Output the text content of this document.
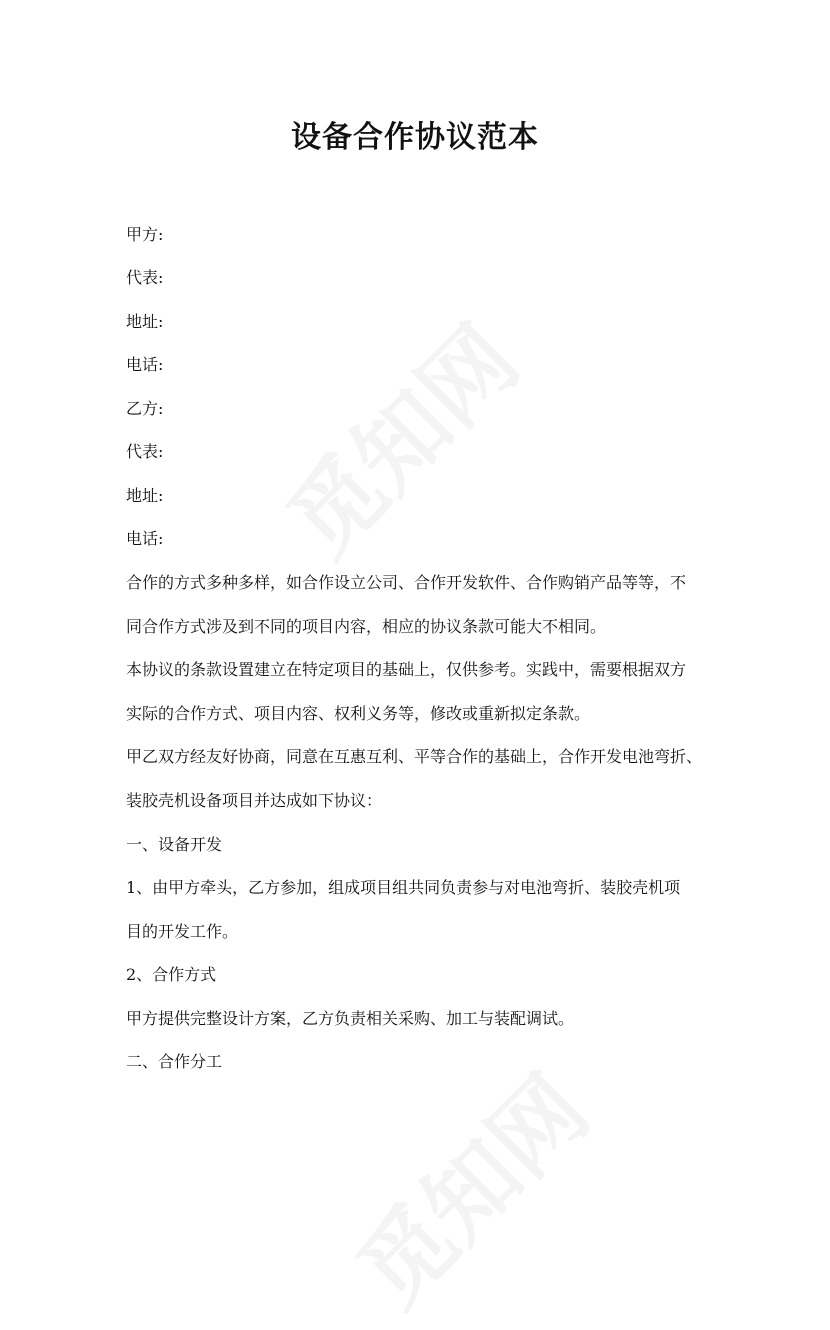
设备合作协议范本

甲方:

代表:

地址:

电话:

乙方:

代表:

地址:

电话:

合作的方式多种多样，如合作设立公司、合作开发软件、合作购销产品等等，不

同合作方式涉及到不同的项目内容，相应的协议条款可能大不相同。

本协议的条款设置建立在特定项目的基础上，仅供参考。实践中，需要根据双方

实际的合作方式、项目内容、权利义务等，修改或重新拟定条款。

甲乙双方经友好协商，同意在互惠互利、平等合作的基础上，合作开发电池弯折、

装胶壳机设备项目并达成如下协议：

一、设备开发

1、由甲方牵头，乙方参加，组成项目组共同负责参与对电池弯折、装胶壳机项

目的开发工作。

2、合作方式

甲方提供完整设计方案，乙方负责相关采购、加工与装配调试。

二、合作分工
